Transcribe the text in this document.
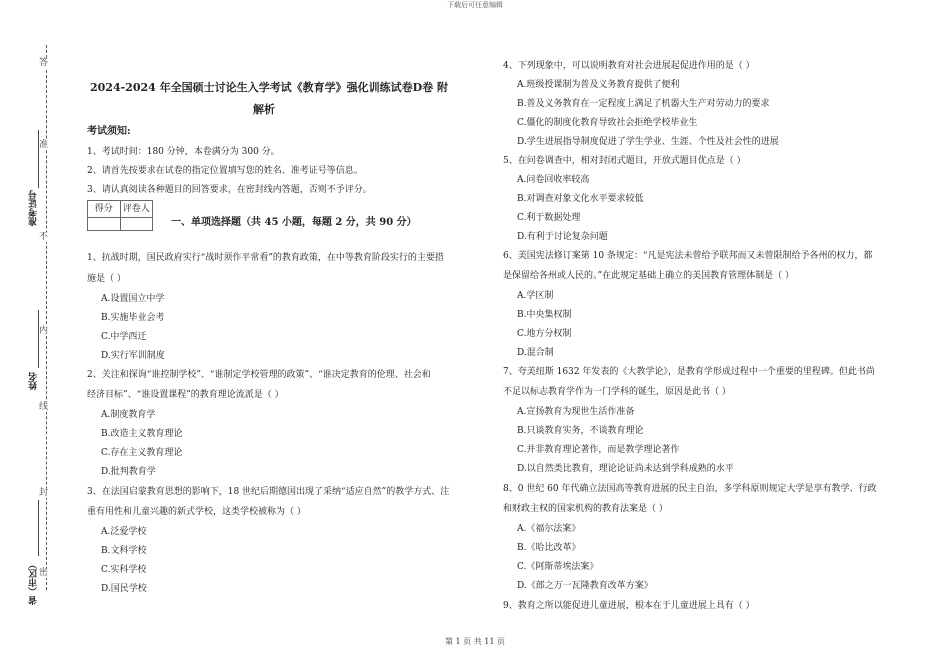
下载后可任意编辑
第 1 页 共 11 页
答
准
不
内
线
封
密
准考证号
姓名
省（市区）
2024-2024 年全国硕士讨论生入学考试《教育学》强化训练试卷D卷 附
解析
考试须知:
1、考试时间：180 分钟，本卷满分为 300 分。
2、请首先按要求在试卷的指定位置填写您的姓名、准考证号等信息。
3、请认真阅读各种题目的回答要求，在密封线内答题，否则不予评分。
得分	评卷人
一、单项选择题（共 45 小题，每题 2 分，共 90 分）
1、抗战时期，国民政府实行“战时须作平常看”的教育政策，在中等教育阶段实行的主要措
施是（ ）
A.设置国立中学
B.实施毕业会考
C.中学西迁
D.实行军训制度
2、关注和探询“谁控制学校”、“谁制定学校管理的政策”、“谁决定教育的伦理、社会和
经济目标”、“谁设置课程”的教育理论流派是（ ）
A.制度教育学
B.改造主义教育理论
C.存在主义教育理论
D.批判教育学
3、在法国启蒙教育思想的影响下，18 世纪后期德国出现了采纳“适应自然”的教学方式、注
重有用性和儿童兴趣的新式学校，这类学校被称为（ ）
A.泛爱学校
B.文科学校
C.实科学校
D.国民学校
4、下列现象中，可以说明教育对社会进展起促进作用的是（ ）
A.班级授课制为普及义务教育提供了便利
B.普及义务教育在一定程度上满足了机器大生产对劳动力的要求
C.僵化的制度化教育导致社会拒绝学校毕业生
D.学生进展指导制度促进了学生学业、生涯、个性及社会性的进展
5、在问卷调查中，相对封闭式题目，开放式题目优点是（ ）
A.问卷回收率较高
B.对调查对象文化水平要求较低
C.利于数据处理
D.有利于讨论复杂问题
6、美国宪法修订案第 10 条规定：“凡是宪法未曾给予联邦而又未曾限制给予各州的权力，都
是保留给各州或人民的。”在此规定基础上确立的美国教育管理体制是（ ）
A.学区制
B.中央集权制
C.地方分权制
D.混合制
7、夸美纽斯 1632 年发表的《大教学论》，是教育学形成过程中一个重要的里程碑。但此书尚
不足以标志教育学作为一门学科的诞生，原因是此书（ ）
A.宣扬教育为现世生活作准备
B.只谈教育实务，不谈教育理论
C.并非教育理论著作，而是教学理论著作
D.以自然类比教育，理论论证尚未达到学科成熟的水平
8、0 世纪 60 年代确立法国高等教育进展的民主自治，多学科原则规定大学是享有教学、行政
和财政主权的国家机构的教育法案是（ ）
A.《福尔法案》
B.《哈比改革》
C.《阿斯蒂埃法案》
D.《郎之万一瓦隆教育改革方案》
9、教育之所以能促进儿童进展，根本在于儿童进展上具有（ ）
